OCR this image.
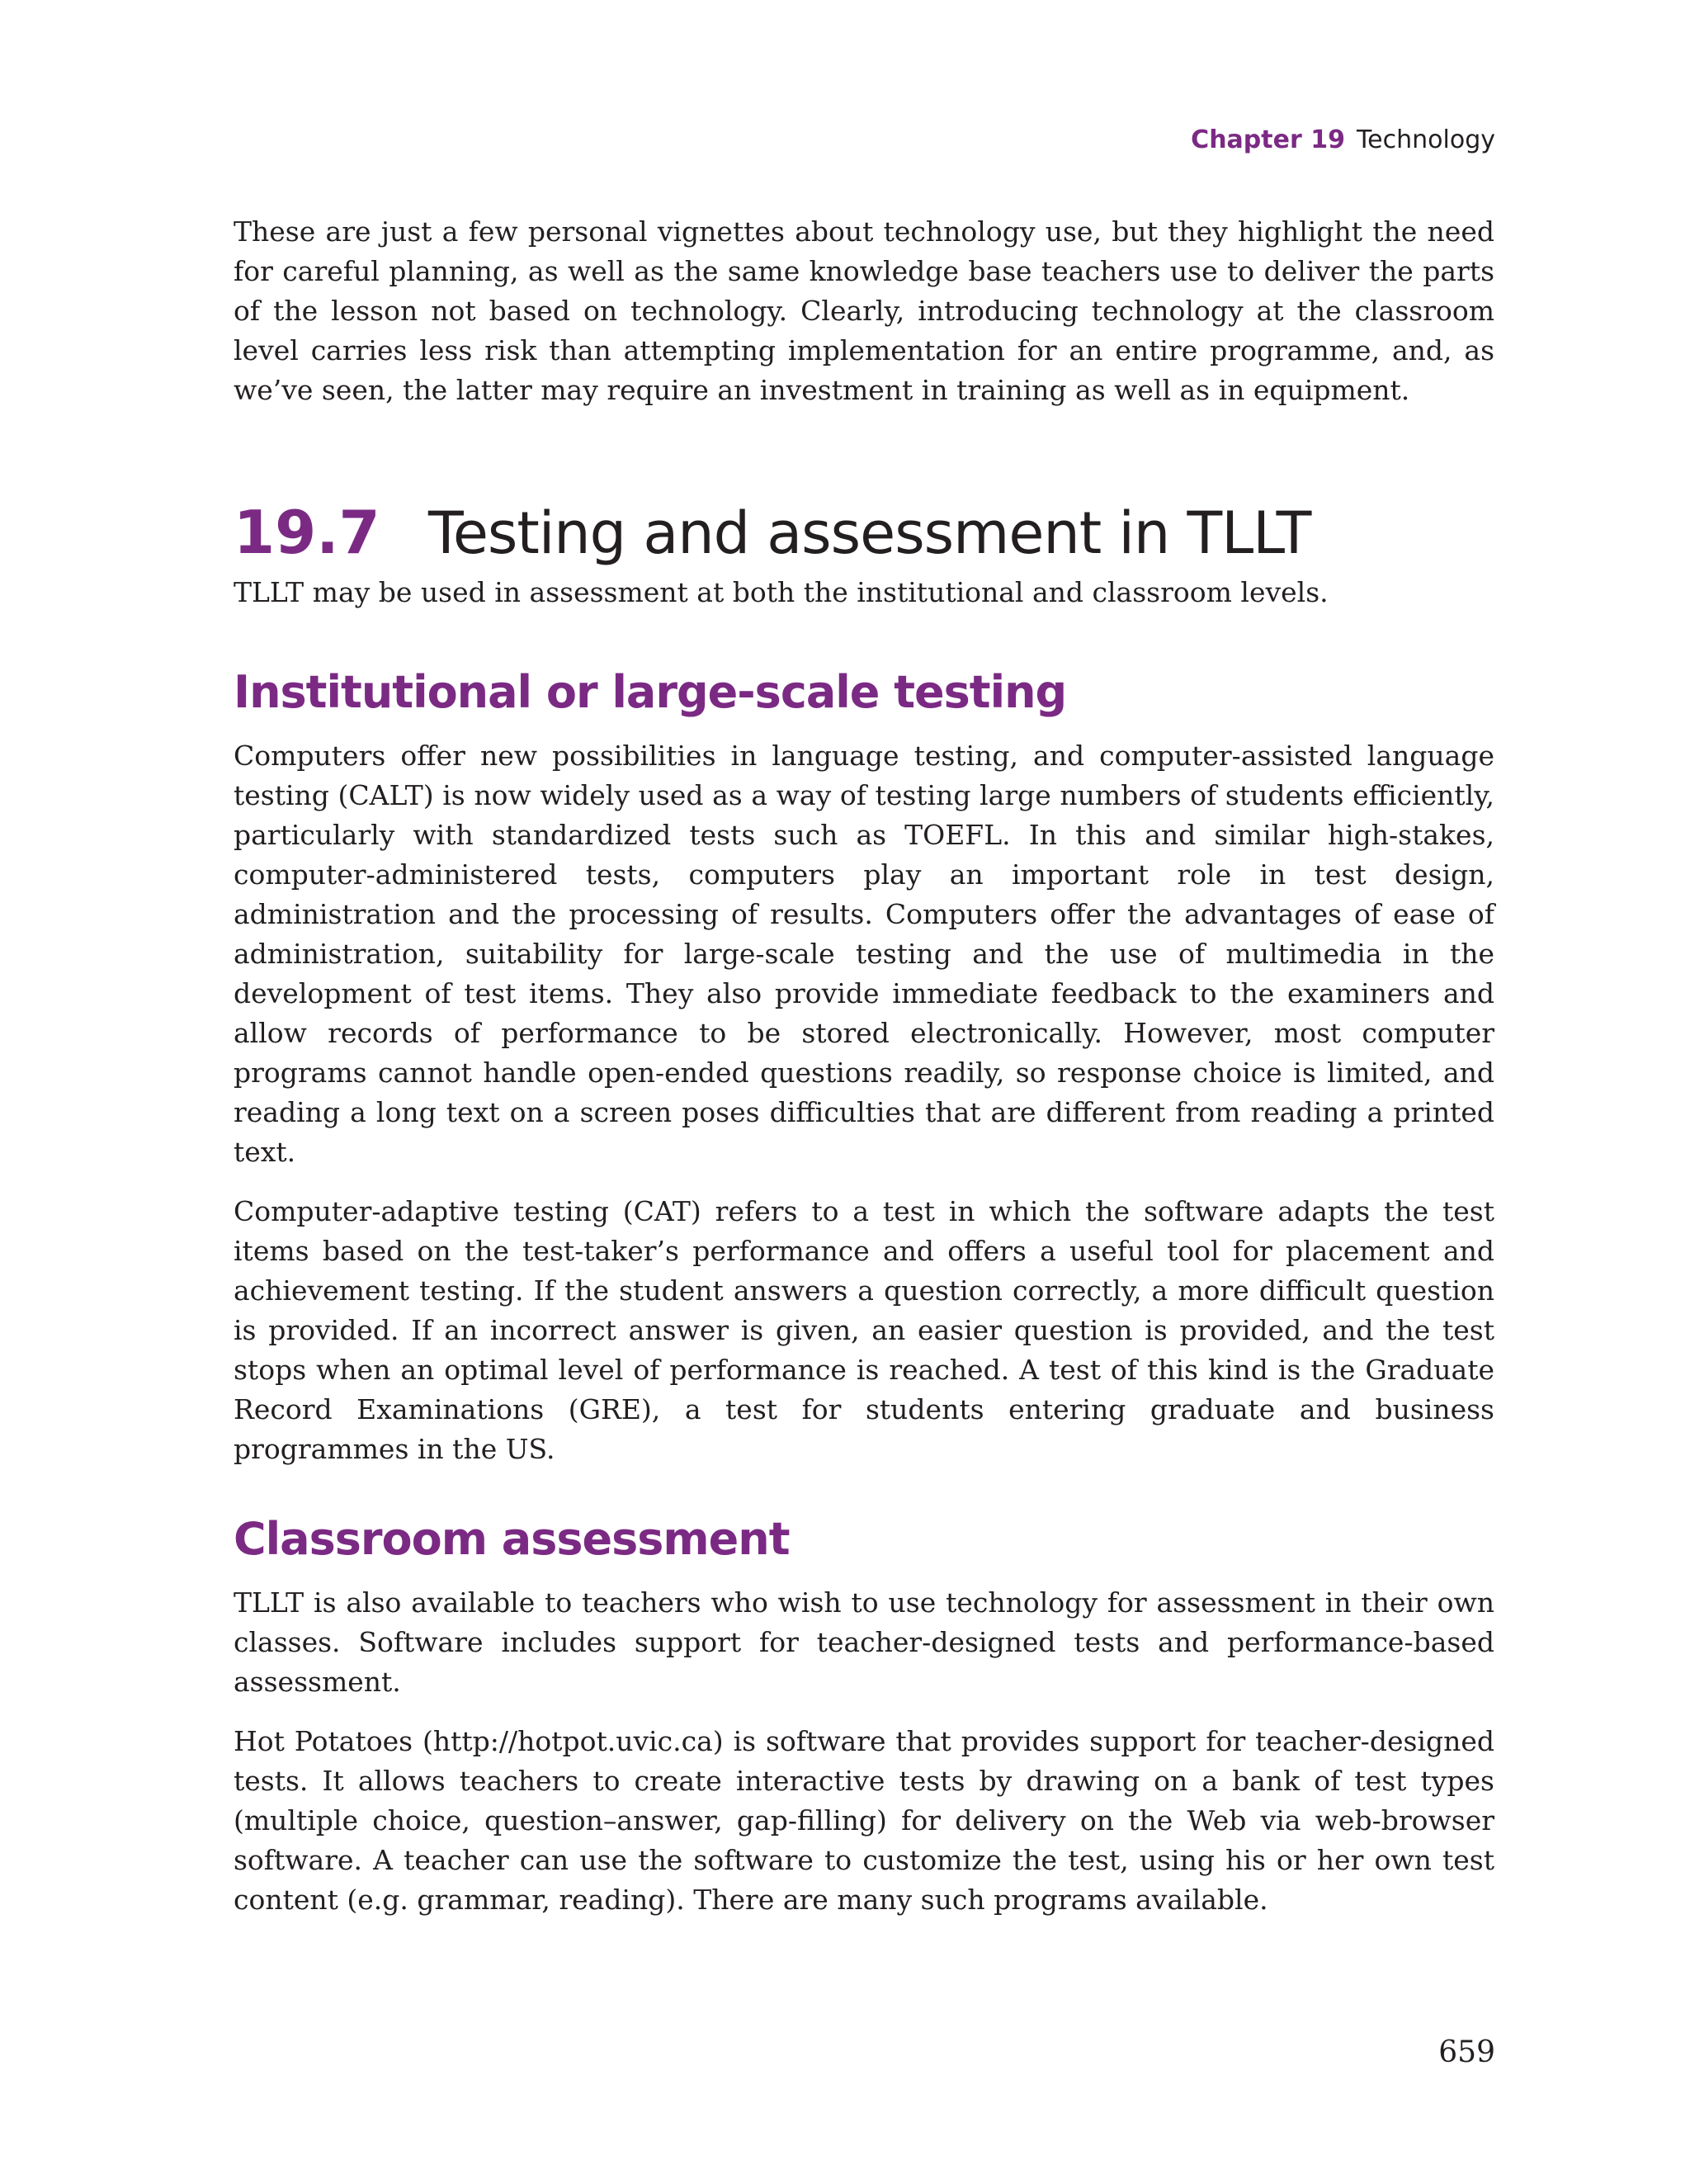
Chapter 19 Technology

These are just a few personal vignettes about technology use, but they highlight the need for careful planning, as well as the same knowledge base teachers use to deliver the parts of the lesson not based on technology. Clearly, introducing technology at the classroom level carries less risk than attempting implementation for an entire programme, and, as we’ve seen, the latter may require an investment in training as well as in equipment.

19.7 Testing and assessment in TLLT

TLLT may be used in assessment at both the institutional and classroom levels.

Institutional or large-scale testing

Computers offer new possibilities in language testing, and computer-assisted language testing (CALT) is now widely used as a way of testing large numbers of students efficiently, particularly with standardized tests such as TOEFL. In this and similar high-stakes, computer-administered tests, computers play an important role in test design, administration and the processing of results. Computers offer the advantages of ease of administration, suitability for large-scale testing and the use of multimedia in the development of test items. They also provide immediate feedback to the examiners and allow records of performance to be stored electronically. However, most computer programs cannot handle open-ended questions readily, so response choice is limited, and reading a long text on a screen poses difficulties that are different from reading a printed text.

Computer-adaptive testing (CAT) refers to a test in which the software adapts the test items based on the test-taker’s performance and offers a useful tool for placement and achievement testing. If the student answers a question correctly, a more difficult question is provided. If an incorrect answer is given, an easier question is provided, and the test stops when an optimal level of performance is reached. A test of this kind is the Graduate Record Examinations (GRE), a test for students entering graduate and business programmes in the US.

Classroom assessment

TLLT is also available to teachers who wish to use technology for assessment in their own classes. Software includes support for teacher-designed tests and performance-based assessment.

Hot Potatoes (http://hotpot.uvic.ca) is software that provides support for teacher-designed tests. It allows teachers to create interactive tests by drawing on a bank of test types (multiple choice, question–answer, gap-filling) for delivery on the Web via web-browser software. A teacher can use the software to customize the test, using his or her own test content (e.g. grammar, reading). There are many such programs available.

659
